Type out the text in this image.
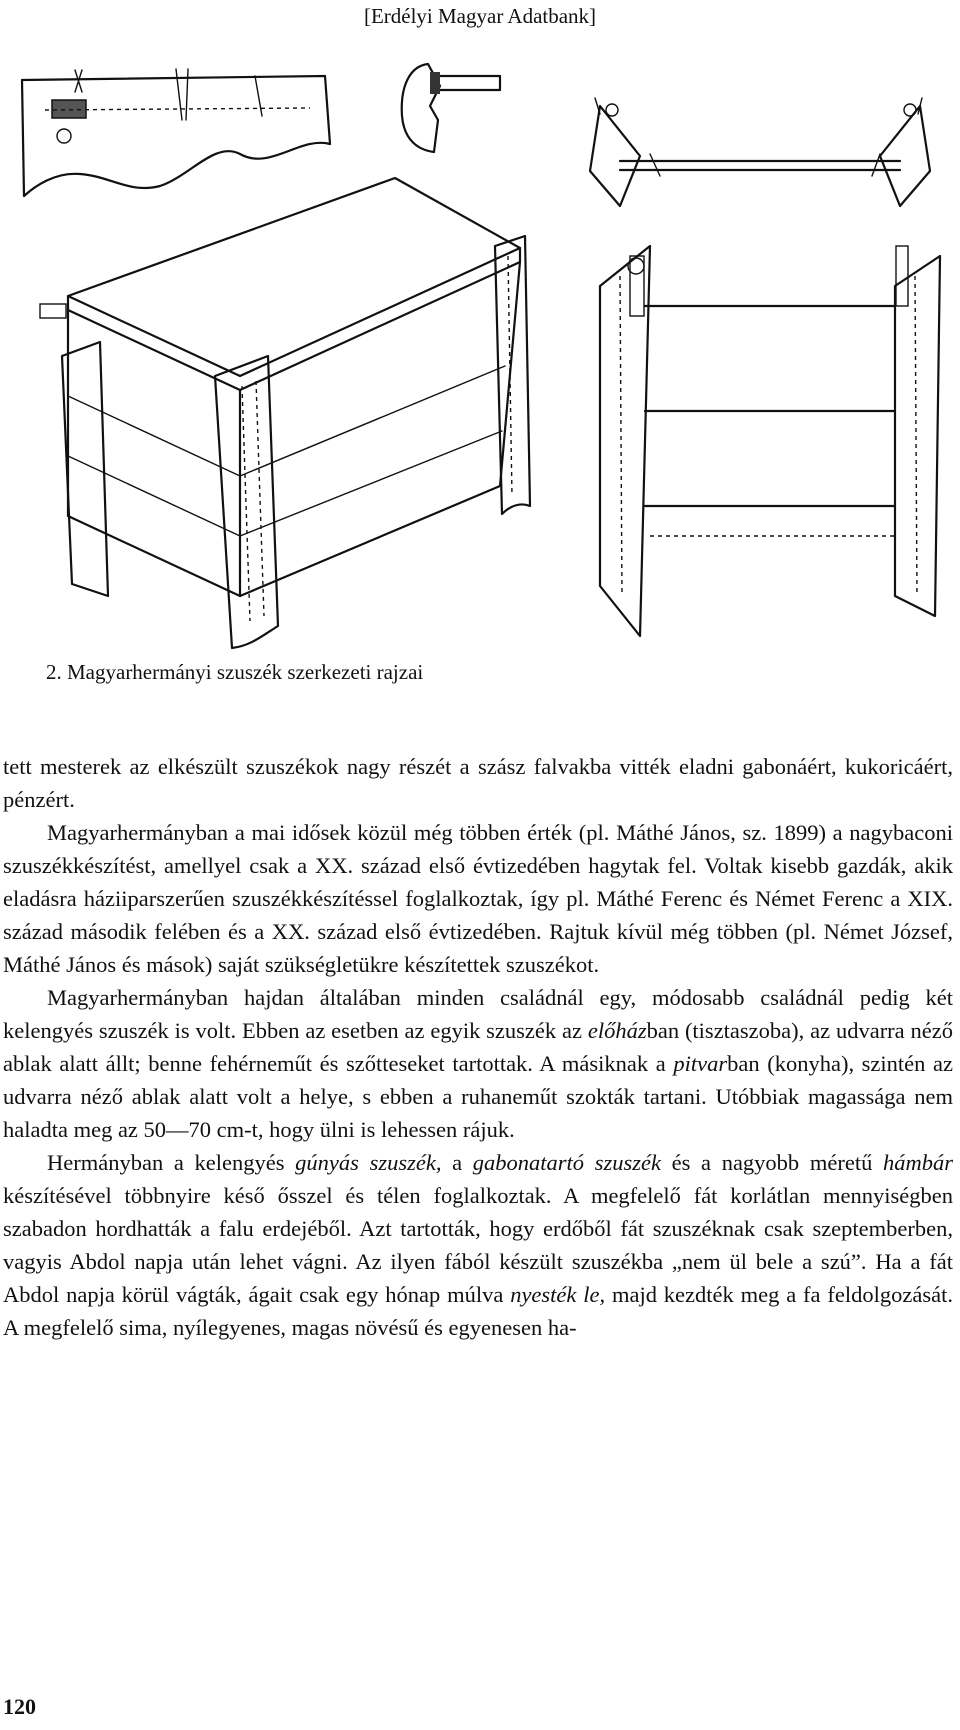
[Erdélyi Magyar Adatbank]
2. Magyarhermányi szuszék szerkezeti rajzai

tett mesterek az elkészült szuszékok nagy részét a szász falvakba vitték eladni gabonáért, kukoricáért, pénzért.

Magyarhermányban a mai idősek közül még többen érték (pl. Máthé János, sz. 1899) a nagybaconi szuszékkészítést, amellyel csak a XX. század első évtizedében hagytak fel. Voltak kisebb gazdák, akik eladásra háziiparszerűen szuszékkészítéssel foglalkoztak, így pl. Máthé Ferenc és Német Ferenc a XIX. század második felében és a XX. század első évtizedében. Rajtuk kívül még többen (pl. Német József, Máthé János és mások) saját szükségletükre készítettek szuszékot.

Magyarhermányban hajdan általában minden családnál egy, módosabb családnál pedig két kelengyés szuszék is volt. Ebben az esetben az egyik szuszék az előházban (tisztaszoba), az udvarra néző ablak alatt állt; benne fehérneműt és szőtteseket tartottak. A másiknak a pitvarban (konyha), szintén az udvarra néző ablak alatt volt a helye, s ebben a ruhaneműt szokták tartani. Utóbbiak magassága nem haladta meg az 50—70 cm-t, hogy ülni is lehessen rájuk.

Hermányban a kelengyés gúnyás szuszék, a gabonatartó szuszék és a nagyobb méretű hámbár készítésével többnyire késő ősszel és télen foglalkoztak. A megfelelő fát korlátlan mennyiségben szabadon hordhatták a falu erdejéből. Azt tartották, hogy erdőből fát szuszéknak csak szeptemberben, vagyis Abdol napja után lehet vágni. Az ilyen fából készült szuszékba „nem ül bele a szú”. Ha a fát Abdol napja körül vágták, ágait csak egy hónap múlva nyesték le, majd kezdték meg a fa feldolgozását. A megfelelő sima, nyílegyenes, magas növésű és egyenesen ha-

120
